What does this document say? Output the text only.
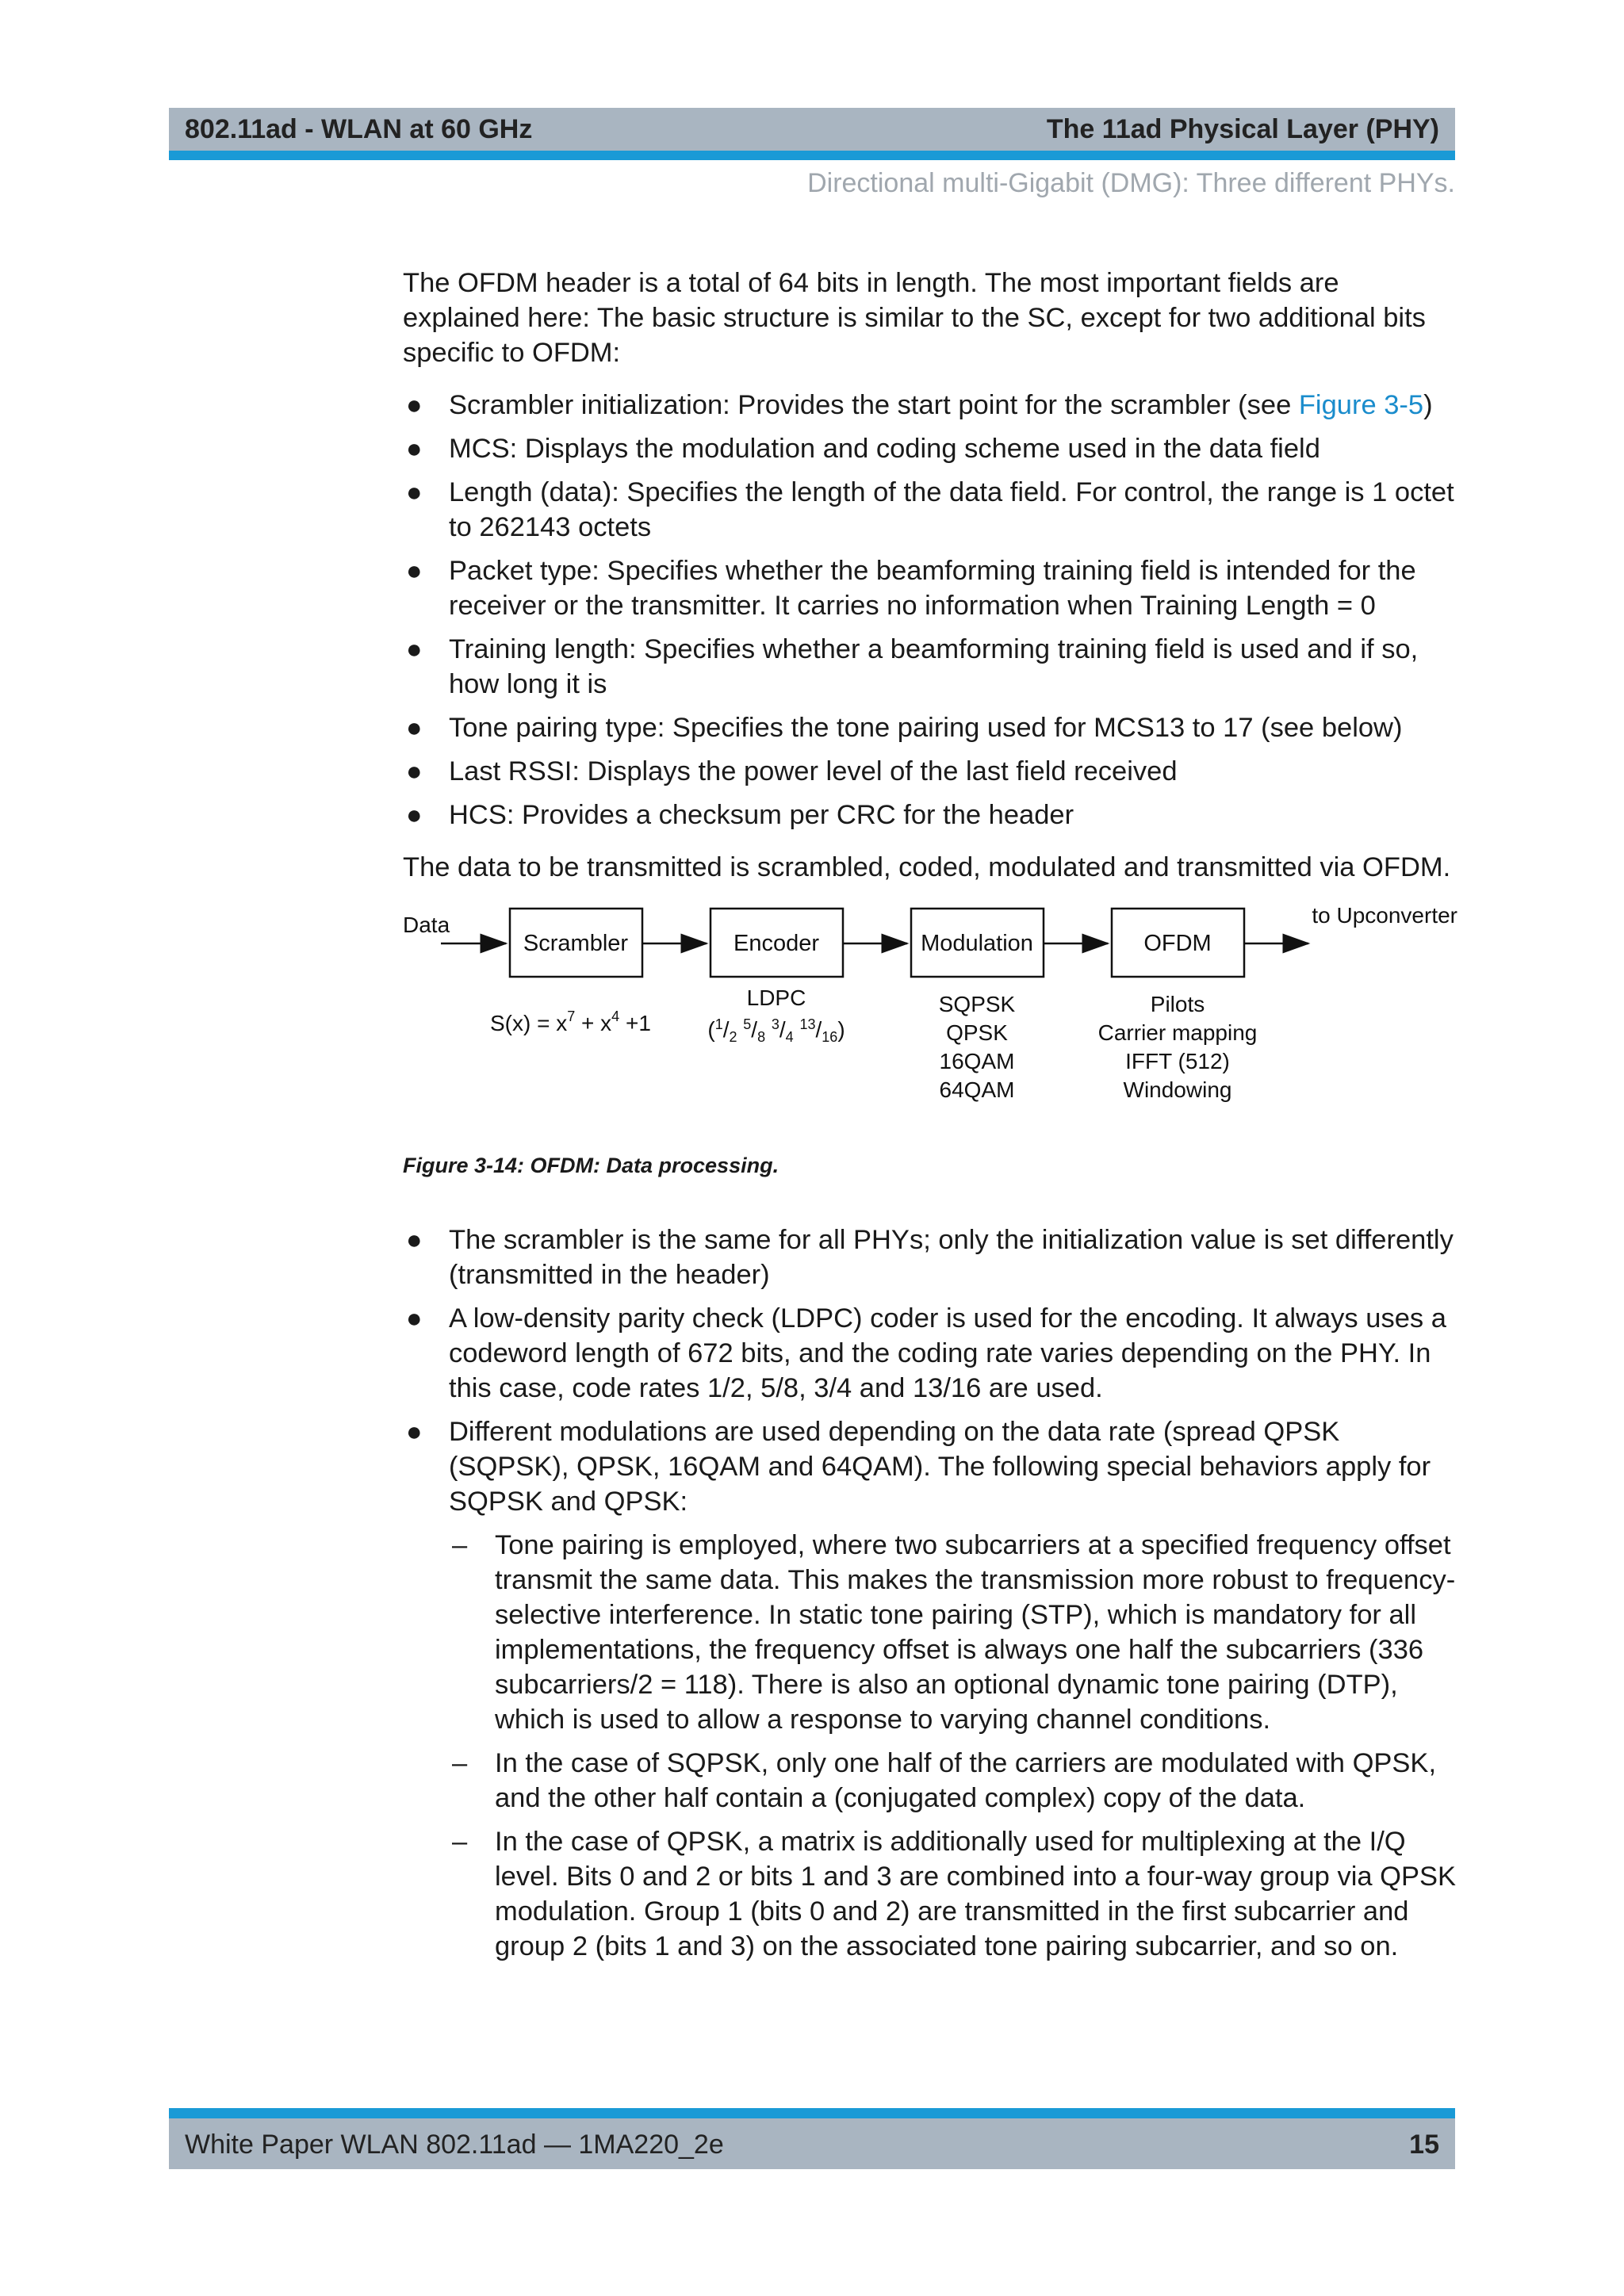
802.11ad - WLAN at 60 GHz	The 11ad Physical Layer (PHY)
Directional multi-Gigabit (DMG): Three different PHYs.

The OFDM header is a total of 64 bits in length. The most important fields are explained here: The basic structure is similar to the SC, except for two additional bits specific to OFDM:

● Scrambler initialization: Provides the start point for the scrambler (see Figure 3-5)
● MCS: Displays the modulation and coding scheme used in the data field
● Length (data): Specifies the length of the data field. For control, the range is 1 octet to 262143 octets
● Packet type: Specifies whether the beamforming training field is intended for the receiver or the transmitter. It carries no information when Training Length = 0
● Training length: Specifies whether a beamforming training field is used and if so, how long it is
● Tone pairing type: Specifies the tone pairing used for MCS13 to 17 (see below)
● Last RSSI: Displays the power level of the last field received
● HCS: Provides a checksum per CRC for the header

The data to be transmitted is scrambled, coded, modulated and transmitted via OFDM.

Data
Scrambler	Encoder	Modulation	OFDM
to Upconverter
$S(x) = x^7 + x^4 +1$
LDPC
($^1/_2$ $^5/_8$ $^3/_4$ $^{13}/_{16}$)
SQPSK
QPSK
16QAM
64QAM
Pilots
Carrier mapping
IFFT (512)
Windowing

Figure 3-14: OFDM: Data processing.

● The scrambler is the same for all PHYs; only the initialization value is set differently (transmitted in the header)
● A low-density parity check (LDPC) coder is used for the encoding. It always uses a codeword length of 672 bits, and the coding rate varies depending on the PHY. In this case, code rates 1/2, 5/8, 3/4 and 13/16 are used.
● Different modulations are used depending on the data rate (spread QPSK (SQPSK), QPSK, 16QAM and 64QAM). The following special behaviors apply for SQPSK and QPSK:
– Tone pairing is employed, where two subcarriers at a specified frequency offset transmit the same data. This makes the transmission more robust to frequency-selective interference. In static tone pairing (STP), which is mandatory for all implementations, the frequency offset is always one half the subcarriers (336 subcarriers/2 = 118). There is also an optional dynamic tone pairing (DTP), which is used to allow a response to varying channel conditions.
– In the case of SQPSK, only one half of the carriers are modulated with QPSK, and the other half contain a (conjugated complex) copy of the data.
– In the case of QPSK, a matrix is additionally used for multiplexing at the I/Q level. Bits 0 and 2 or bits 1 and 3 are combined into a four-way group via QPSK modulation. Group 1 (bits 0 and 2) are transmitted in the first subcarrier and group 2 (bits 1 and 3) on the associated tone pairing subcarrier, and so on.
White Paper WLAN 802.11ad — 1MA220_2e	15
